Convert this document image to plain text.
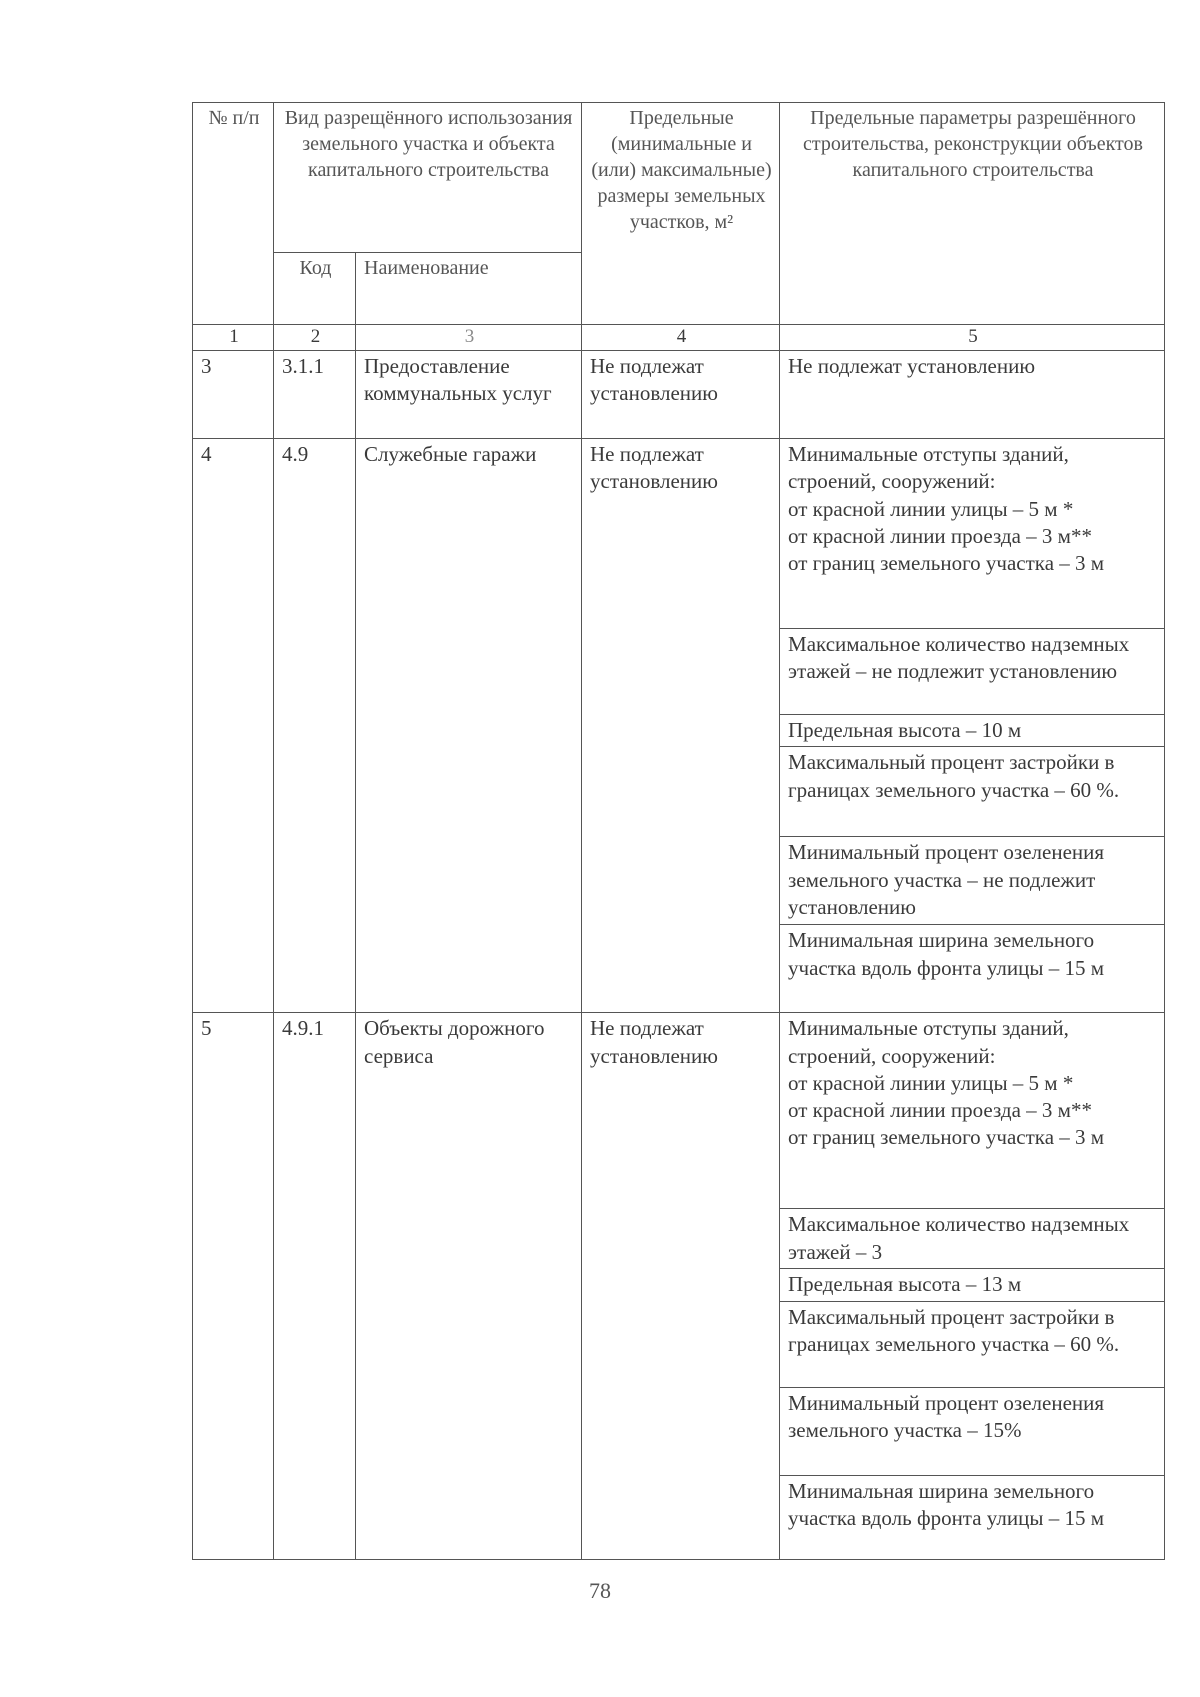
№ п/п	Вид разрещённого использозания земельного участка и объекта капитального строительства		Предельные (минимальные и (или) максимальные) размеры земельных участков, м²	Предельные параметры разрешённого строительства, реконструкции объектов капитального строительства
	Код	Наименование		
1	2	3	4	5
3	3.1.1	Предоставление коммунальных услуг	Не подлежат установлению	Не подлежат установлению
4	4.9	Служебные гаражи	Не подлежат установлению	Минимальные отступы зданий, строений, сооружений:
от красной линии улицы – 5 м *
от красной линии проезда – 3 м**
от границ земельного участка – 3 м
				Максимальное количество надземных этажей – не подлежит установлению
				Предельная высота – 10 м
				Максимальный процент застройки в границах земельного участка – 60 %.
				Минимальный процент озеленения земельного участка – не подлежит установлению
				Минимальная ширина земельного участка вдоль фронта улицы – 15 м
5	4.9.1	Объекты дорожного сервиса	Не подлежат установлению	Минимальные отступы зданий, строений, сооружений:
от красной линии улицы – 5 м *
от красной линии проезда – 3 м**
от границ земельного участка – 3 м
				Максимальное количество надземных этажей – 3
				Предельная высота – 13 м
				Максимальный процент застройки в границах земельного участка – 60 %.
				Минимальный процент озеленения земельного участка – 15%
				Минимальная ширина земельного участка вдоль фронта улицы – 15 м
78
